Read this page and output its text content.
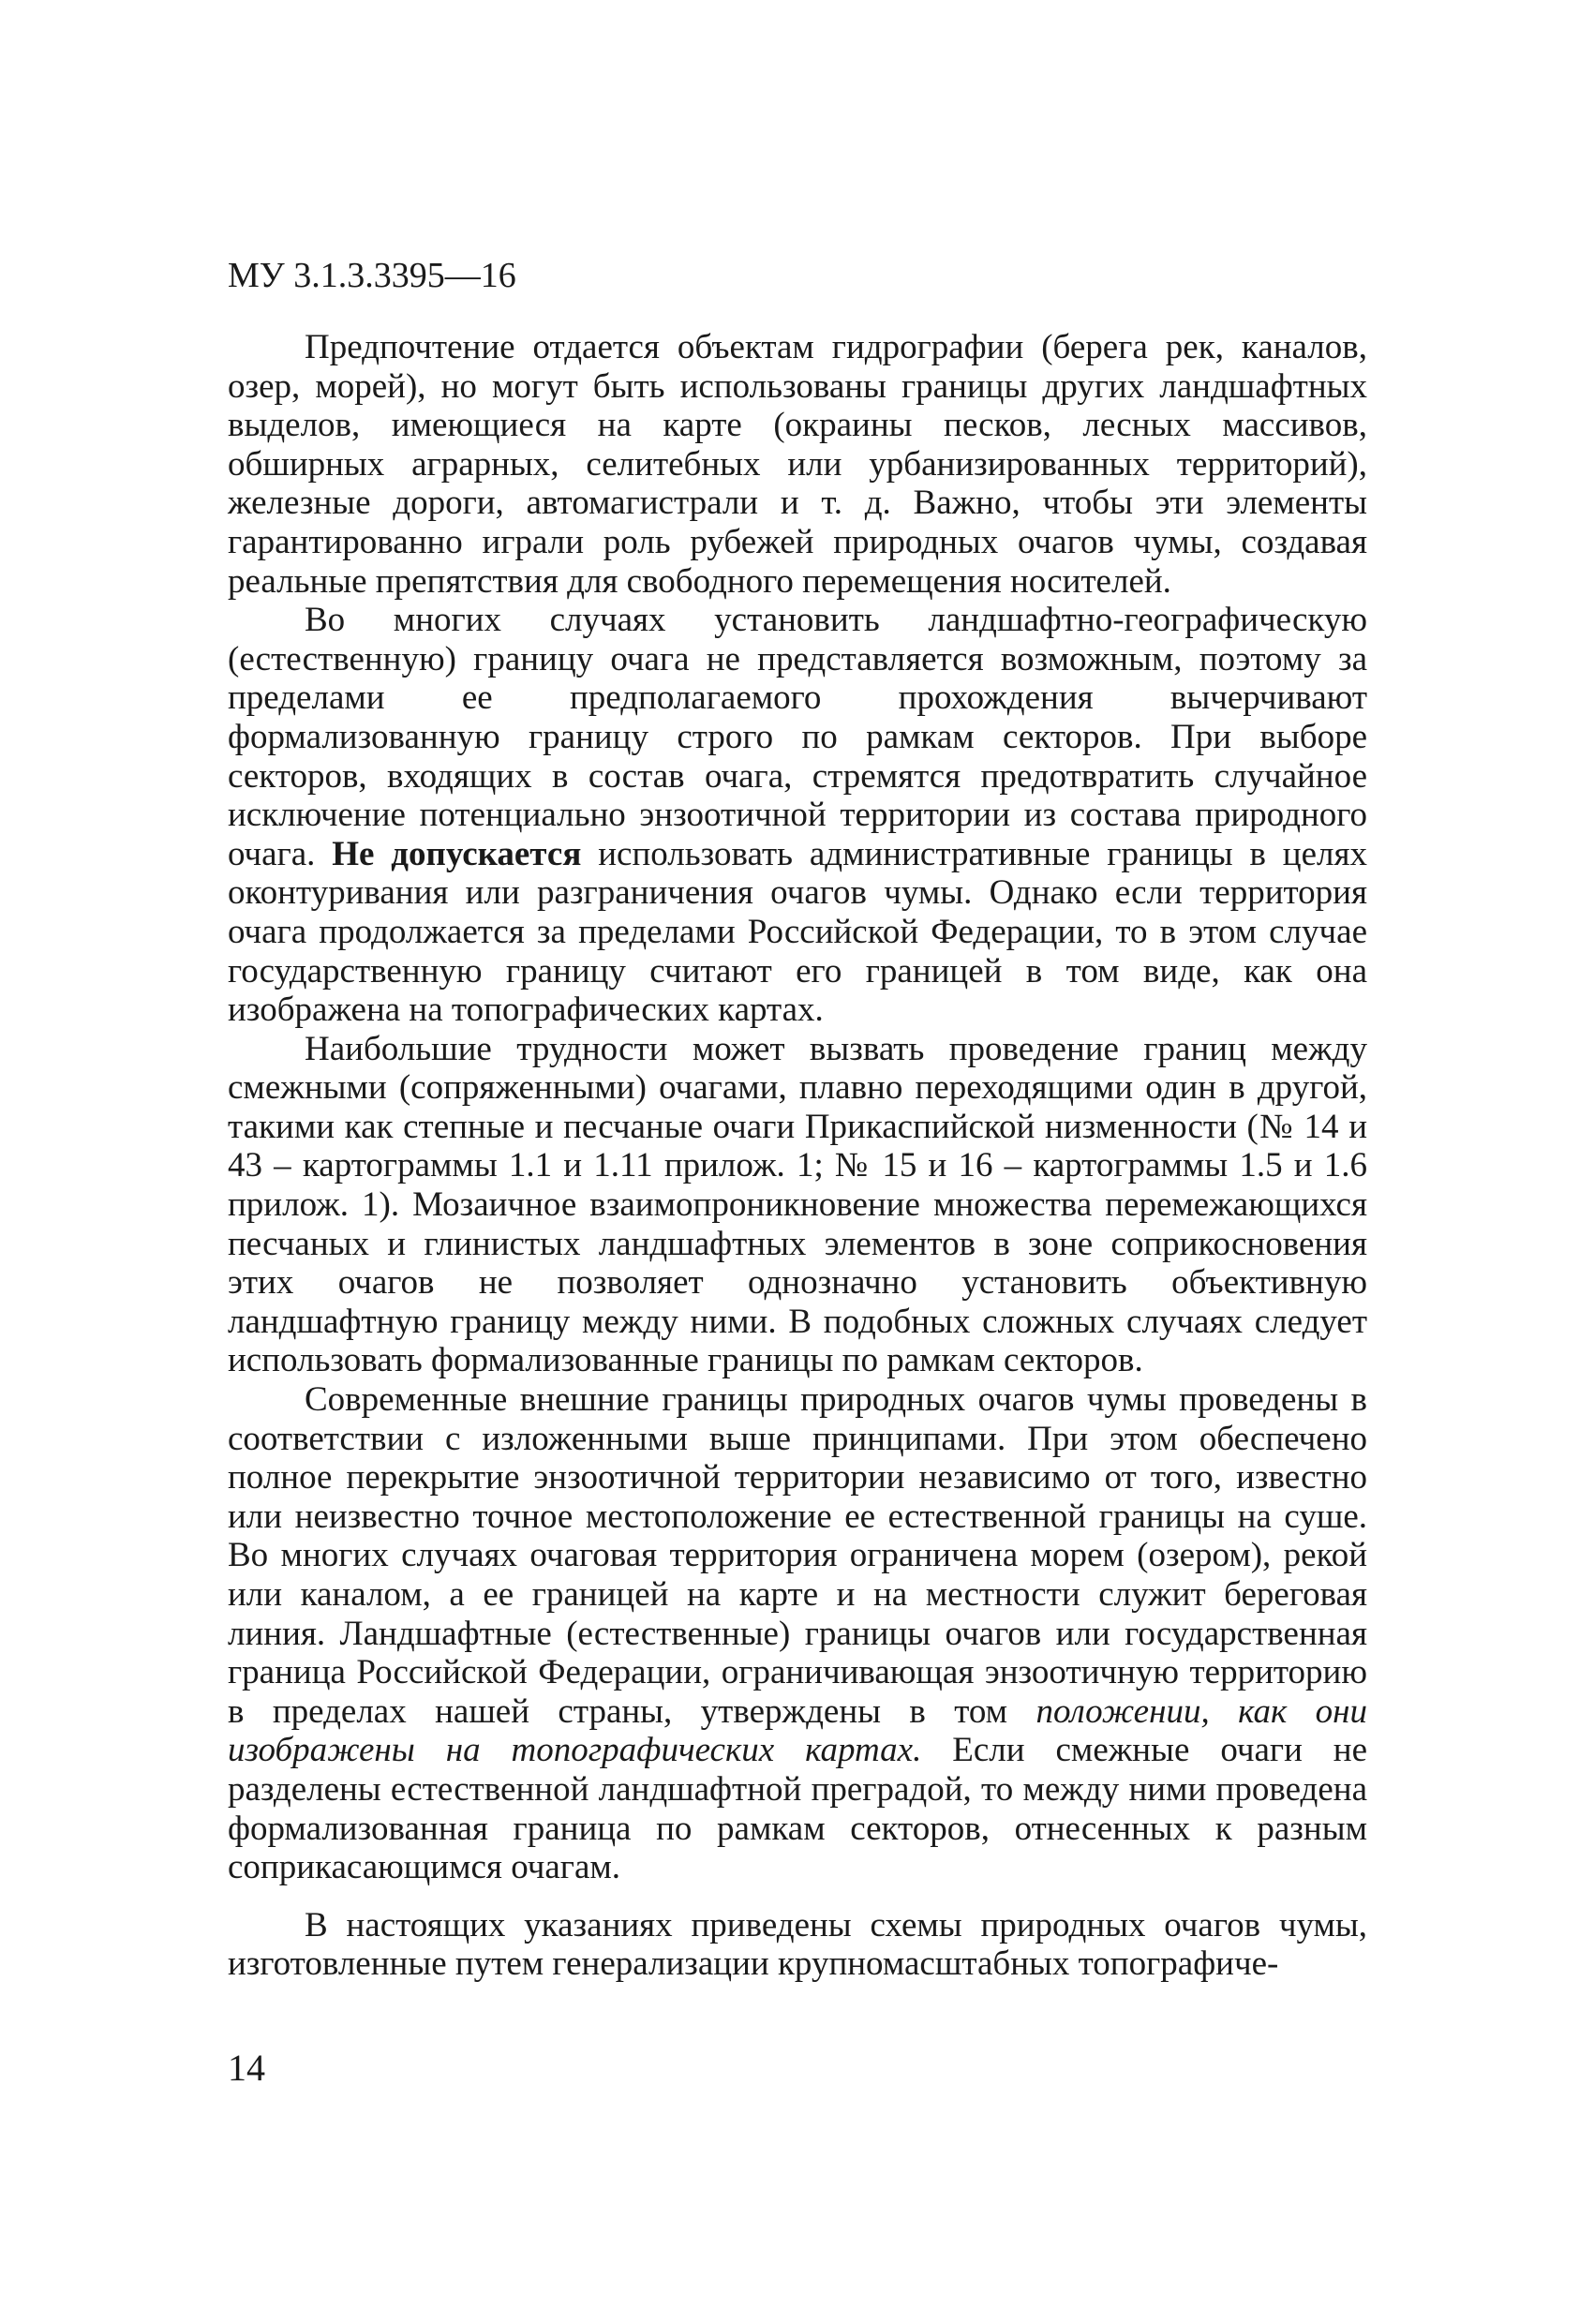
МУ 3.1.3.3395—16

Предпочтение отдается объектам гидрографии (берега рек, каналов, озер, морей), но могут быть использованы границы других ландшафтных выделов, имеющиеся на карте (окраины песков, лесных массивов, обширных аграрных, селитебных или урбанизированных территорий), железные дороги, автомагистрали и т. д. Важно, чтобы эти элементы гарантированно играли роль рубежей природных очагов чумы, создавая реальные препятствия для свободного перемещения носителей.

Во многих случаях установить ландшафтно-географическую (естественную) границу очага не представляется возможным, поэтому за пределами ее предполагаемого прохождения вычерчивают формализованную границу строго по рамкам секторов. При выборе секторов, входящих в состав очага, стремятся предотвратить случайное исключение потенциально энзоотичной территории из состава природного очага. Не допускается использовать административные границы в целях оконтуривания или разграничения очагов чумы. Однако если территория очага продолжается за пределами Российской Федерации, то в этом случае государственную границу считают его границей в том виде, как она изображена на топографических картах.

Наибольшие трудности может вызвать проведение границ между смежными (сопряженными) очагами, плавно переходящими один в другой, такими как степные и песчаные очаги Прикаспийской низменности (№ 14 и 43 – картограммы 1.1 и 1.11 прилож. 1; № 15 и 16 – картограммы 1.5 и 1.6 прилож. 1). Мозаичное взаимопроникновение множества перемежающихся песчаных и глинистых ландшафтных элементов в зоне соприкосновения этих очагов не позволяет однозначно установить объективную ландшафтную границу между ними. В подобных сложных случаях следует использовать формализованные границы по рамкам секторов.

Современные внешние границы природных очагов чумы проведены в соответствии с изложенными выше принципами. При этом обеспечено полное перекрытие энзоотичной территории независимо от того, известно или неизвестно точное местоположение ее естественной границы на суше. Во многих случаях очаговая территория ограничена морем (озером), рекой или каналом, а ее границей на карте и на местности служит береговая линия. Ландшафтные (естественные) границы очагов или государственная граница Российской Федерации, ограничивающая энзоотичную территорию в пределах нашей страны, утверждены в том положении, как они изображены на топографических картах. Если смежные очаги не разделены естественной ландшафтной преградой, то между ними проведена формализованная граница по рамкам секторов, отнесенных к разным соприкасающимся очагам.

В настоящих указаниях приведены схемы природных очагов чумы, изготовленные путем генерализации крупномасштабных топографиче-

14
